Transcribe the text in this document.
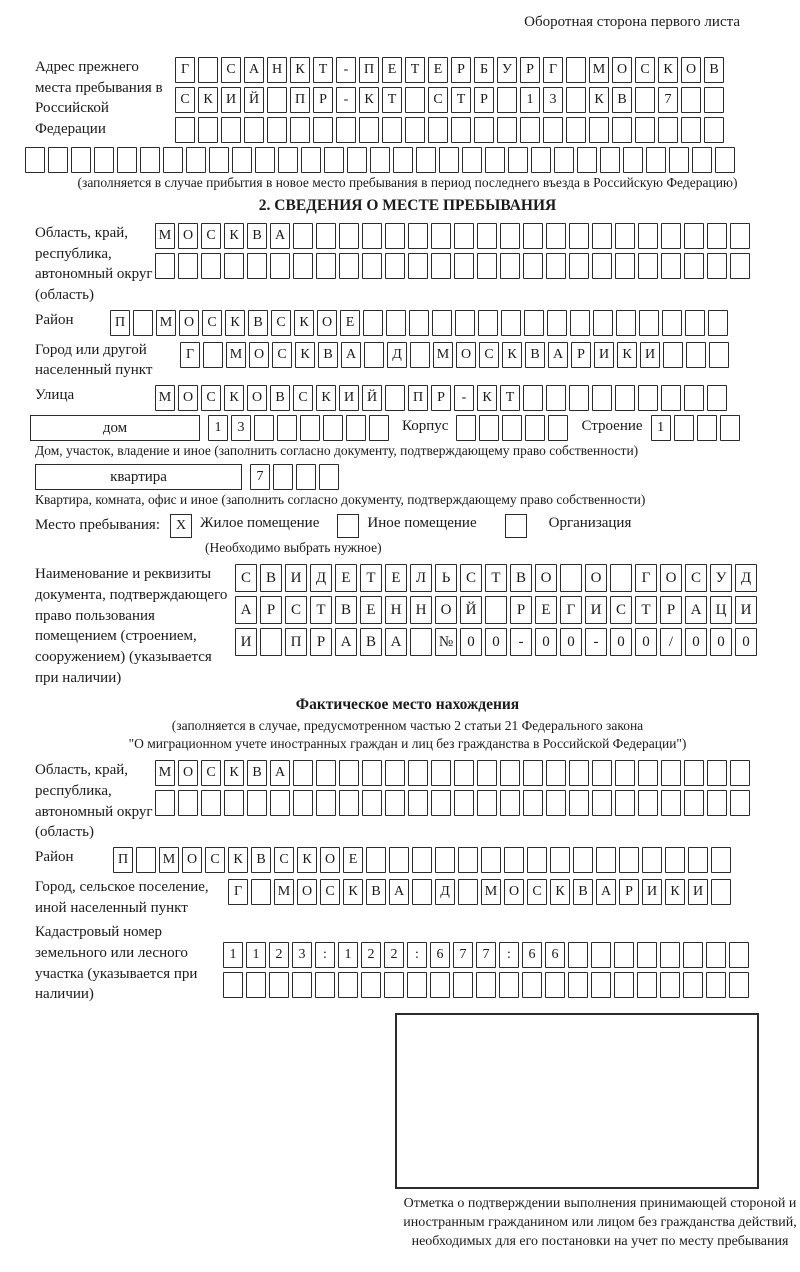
Оборотная сторона первого листа
Адрес прежнего места пребывания в Российской Федерации
Г	С А Н К	Т	-	П Е	Т	Е	Р	Б	У	Р	Г	М О С К О В
С К И Й	П	Р	-	К	Т	С	Т	Р	1	3	К В	7
(заполняется в случае прибытия в новое место пребывания в период последнего въезда в Российскую Федерацию)
2. СВЕДЕНИЯ О МЕСТЕ ПРЕБЫВАНИЯ
Область, край, республика, автономный округ (область)
М О С К В А
Район	П	М О С К В С К О Е
Город или другой населенный пункт
Г	М О С К В А	Д	М О С К В А	Р	И К И
Улица	М О С К О В С К И Й	П	Р	-	К	Т
дом	1	3	Корпус	Строение	1
Дом, участок, владение и иное (заполнить согласно документу, подтверждающему право собственности)
квартира	7
Квартира, комната, офис и иное (заполнить согласно документу, подтверждающему право собственности)
Место пребывания:	X Жилое помещение	Иное помещение	Организация
(Необходимо выбрать нужное)
Наименование и реквизиты документа, подтверждающего право пользования помещением (строением, сооружением) (указывается при наличии)
С В И Д	Е	Т	Е	Л	Ь	С	Т	В О	О	Г	О С У Д
А	Р	С	Т	В	Е	Н Н О Й	Р	Е	Г	И С	Т	Р	А Ц И
И	П	Р	А В А	№ 0	0	-	0	0	-	0	0	/	0	0	0
Фактическое место нахождения
(заполняется в случае, предусмотренном частью 2 статьи 21 Федерального закона
"О миграционном учете иностранных граждан и лиц без гражданства в Российской Федерации")
Область, край, республика, автономный округ (область)
М О С К В А
Район	П	М О С К В С К О Е
Город, сельское поселение, иной населенный пункт
Г	М О С К В А	Д	М О С К В А	Р	И К И
Кадастровый номер земельного или лесного участка (указывается при наличии)
1	1	2	3	:	1	2	2	:	6	7	7	:	6	6
Отметка о подтверждении выполнения принимающей стороной и иностранным гражданином или лицом без гражданства действий, необходимых для его постановки на учет по месту пребывания
